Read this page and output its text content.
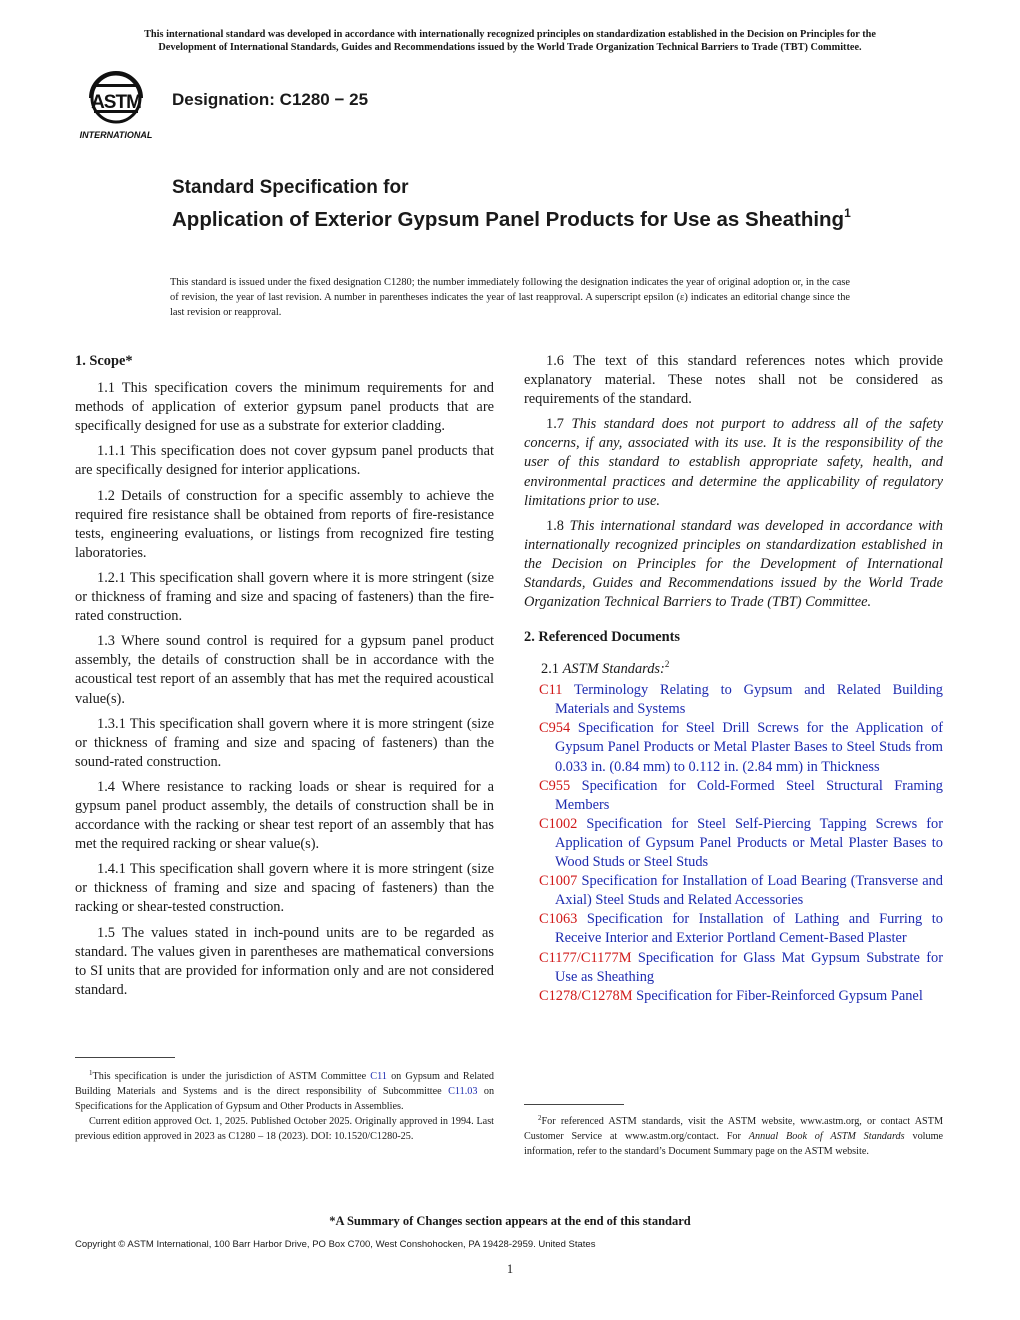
This international standard was developed in accordance with internationally recognized principles on standardization established in the Decision on Principles for the
Development of International Standards, Guides and Recommendations issued by the World Trade Organization Technical Barriers to Trade (TBT) Committee.
ASTM
INTERNATIONAL
Designation: C1280 − 25
Standard Specification for
Application of Exterior Gypsum Panel Products for Use as Sheathing$^1$
This standard is issued under the fixed designation C1280; the number immediately following the designation indicates the year of original adoption or, in the case of revision, the year of last revision. A number in parentheses indicates the year of last reapproval. A superscript epsilon (ε) indicates an editorial change since the last revision or reapproval.
1. Scope*

1.1 This specification covers the minimum requirements for and methods of application of exterior gypsum panel products that are specifically designed for use as a substrate for exterior cladding.

1.1.1 This specification does not cover gypsum panel products that are specifically designed for interior applications.

1.2 Details of construction for a specific assembly to achieve the required fire resistance shall be obtained from reports of fire-resistance tests, engineering evaluations, or listings from recognized fire testing laboratories.

1.2.1 This specification shall govern where it is more stringent (size or thickness of framing and size and spacing of fasteners) than the fire-rated construction.

1.3 Where sound control is required for a gypsum panel product assembly, the details of construction shall be in accordance with the acoustical test report of an assembly that has met the required acoustical value(s).

1.3.1 This specification shall govern where it is more stringent (size or thickness of framing and size and spacing of fasteners) than the sound-rated construction.

1.4 Where resistance to racking loads or shear is required for a gypsum panel product assembly, the details of construction shall be in accordance with the racking or shear test report of an assembly that has met the required racking or shear value(s).

1.4.1 This specification shall govern where it is more stringent (size or thickness of framing and size and spacing of fasteners) than the racking or shear-tested construction.

1.5 The values stated in inch-pound units are to be regarded as standard. The values given in parentheses are mathematical conversions to SI units that are provided for information only and are not considered standard.

1.6 The text of this standard references notes which provide explanatory material. These notes shall not be considered as requirements of the standard.

1.7 This standard does not purport to address all of the safety concerns, if any, associated with its use. It is the responsibility of the user of this standard to establish appropriate safety, health, and environmental practices and determine the applicability of regulatory limitations prior to use.

1.8 This international standard was developed in accordance with internationally recognized principles on standardization established in the Decision on Principles for the Development of International Standards, Guides and Recommendations issued by the World Trade Organization Technical Barriers to Trade (TBT) Committee.

2. Referenced Documents

2.1 ASTM Standards:$^2$

C11 Terminology Relating to Gypsum and Related Building Materials and Systems
C954 Specification for Steel Drill Screws for the Application of Gypsum Panel Products or Metal Plaster Bases to Steel Studs from 0.033 in. (0.84 mm) to 0.112 in. (2.84 mm) in Thickness
C955 Specification for Cold-Formed Steel Structural Framing Members
C1002 Specification for Steel Self-Piercing Tapping Screws for Application of Gypsum Panel Products or Metal Plaster Bases to Wood Studs or Steel Studs
C1007 Specification for Installation of Load Bearing (Transverse and Axial) Steel Studs and Related Accessories
C1063 Specification for Installation of Lathing and Furring to Receive Interior and Exterior Portland Cement-Based Plaster
C1177/C1177M Specification for Glass Mat Gypsum Substrate for Use as Sheathing
C1278/C1278M Specification for Fiber-Reinforced Gypsum Panel

$^1$This specification is under the jurisdiction of ASTM Committee C11 on Gypsum and Related Building Materials and Systems and is the direct responsibility of Subcommittee C11.03 on Specifications for the Application of Gypsum and Other Products in Assemblies.

Current edition approved Oct. 1, 2025. Published October 2025. Originally approved in 1994. Last previous edition approved in 2023 as C1280 – 18 (2023). DOI: 10.1520/C1280-25.

$^2$For referenced ASTM standards, visit the ASTM website, www.astm.org, or contact ASTM Customer Service at www.astm.org/contact. For Annual Book of ASTM Standards volume information, refer to the standard’s Document Summary page on the ASTM website.

*A Summary of Changes section appears at the end of this standard
Copyright © ASTM International, 100 Barr Harbor Drive, PO Box C700, West Conshohocken, PA 19428-2959. United States
1
